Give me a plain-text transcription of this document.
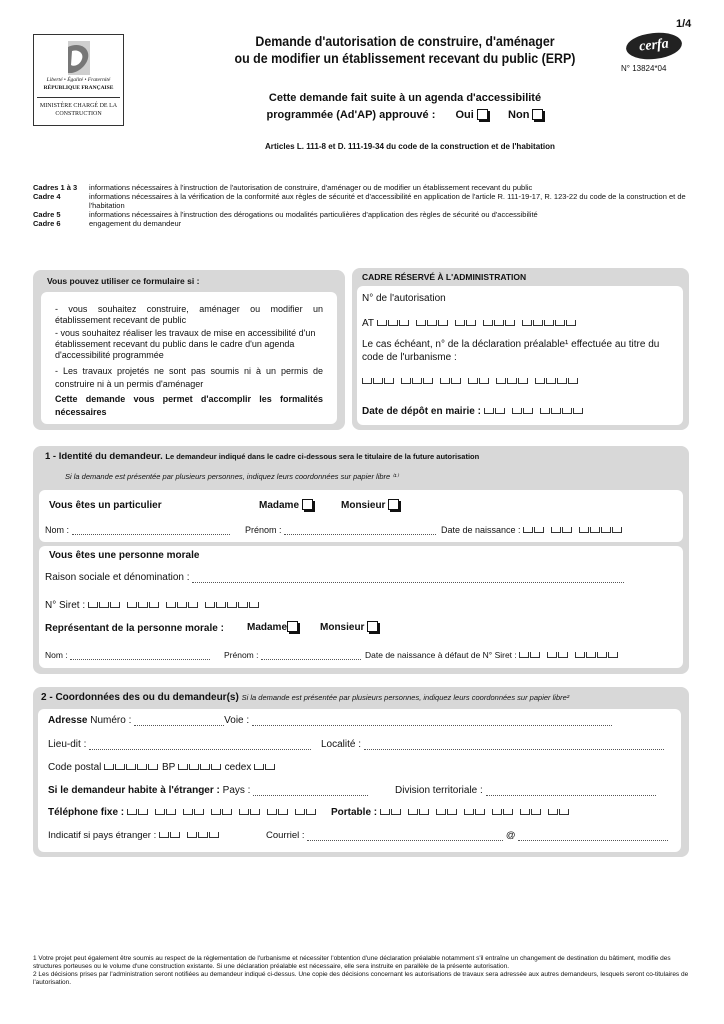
1/4
cerfa
N° 13824*04
Liberté • Égalité • Fraternité
RÉPUBLIQUE FRANÇAISE
MINISTÈRE CHARGÉ DE LA CONSTRUCTION
Demande d'autorisation de construire, d'aménager
ou de modifier un établissement recevant du public (ERP)
Cette demande fait suite à un agenda d'accessibilité
programmée (Ad'AP) approuvé : Oui	Non
Articles L. 111-8 et D. 111-19-34 du code de la construction et de l'habitation
Cadres 1 à 3	informations nécessaires à l'instruction de l'autorisation de construire, d'aménager ou de modifier un établissement recevant du public
Cadre 4	informations nécessaires à la vérification de la conformité aux règles de sécurité et d'accessibilité en application de l'article R. 111-19-17, R. 123-22 du code de la construction et de l'habitation
Cadre 5	informations nécessaires à l'instruction des dérogations ou modalités particulières d'application des règles de sécurité ou d'accessibilité
Cadre 6	engagement du demandeur
Vous pouvez utiliser ce formulaire si :
- vous souhaitez construire, aménager ou modifier un établissement recevant de public
- vous souhaitez réaliser les travaux de mise en accessibilité d'un établissement recevant du public dans le cadre d'un agenda d'accessibilité programmée
- Les travaux projetés ne sont pas soumis ni à un permis de construire ni à un permis d'aménager
Cette demande vous permet d'accomplir les formalités nécessaires
CADRE RÉSERVÉ À L'ADMINISTRATION
N° de l'autorisation
AT
Le cas échéant, n° de la déclaration préalable¹ effectuée au titre du code de l'urbanisme :
Date de dépôt en mairie :
1 - Identité du demandeur. Le demandeur indiqué dans le cadre ci-dessous sera le titulaire de la future autorisation
Si la demande est présentée par plusieurs personnes, indiquez leurs coordonnées sur papier libre ⁽¹⁾
Vous êtes un particulier	Madame	Monsieur
Nom :	Prénom :	Date de naissance :
Vous êtes une personne morale
Raison sociale et dénomination :
N° Siret :
Représentant de la personne morale : Madame	Monsieur
Nom :	Prénom :	Date de naissance à défaut de N° Siret :
2 - Coordonnées des ou du demandeur(s) Si la demande est présentée par plusieurs personnes, indiquez leurs coordonnées sur papier libre²
Adresse Numéro :	Voie :
Lieu-dit :	Localité :
Code postal	BP	cedex
Si le demandeur habite à l'étranger : Pays :	Division territoriale :
Téléphone fixe :	Portable :
Indicatif si pays étranger :	Courriel :	@
1 Votre projet peut également être soumis au respect de la réglementation de l'urbanisme et nécessiter l'obtention d'une déclaration préalable notamment s'il entraîne un changement de destination du bâtiment, modifie des structures porteuses ou le volume d'une construction existante. Si une déclaration préalable est nécessaire, elle sera instruite en parallèle de la présente autorisation.
2 Les décisions prises par l'administration seront notifiées au demandeur indiqué ci-dessus. Une copie des décisions concernant les autorisations de travaux sera adressée aux autres demandeurs, lesquels seront co-titulaires de l'autorisation.
